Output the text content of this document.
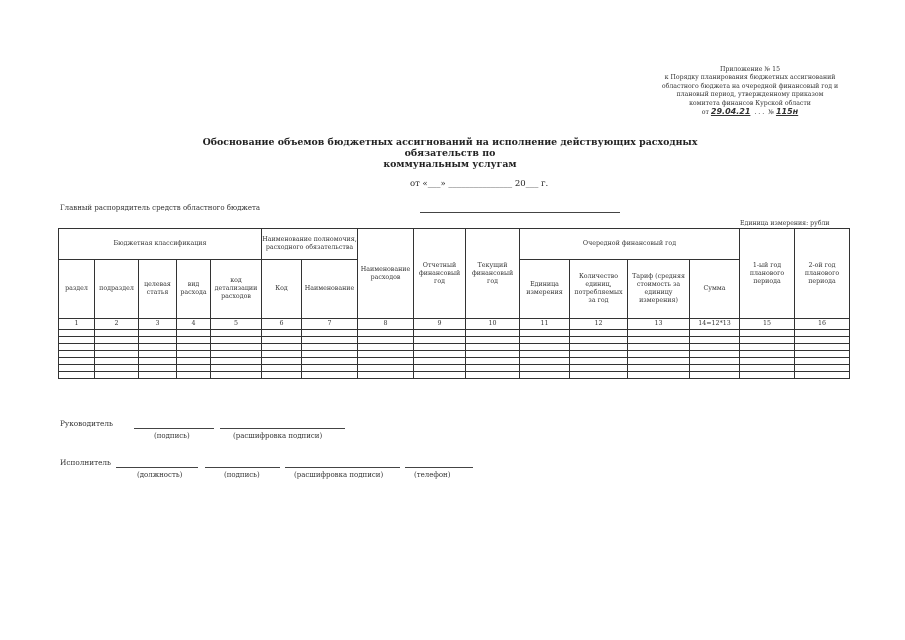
Приложение № 15
к Порядку планирования бюджетных ассигнований
областного бюджета на очередной финансовый год и
плановый период, утвержденному приказом
комитета финансов Курской области
от 29.04.21  . . .  № 115н
Обоснование объемов бюджетных ассигнований на исполнение действующих расходных обязательств по
коммунальным услугам
от «___» _______________ 20___ г.
Главный распорядитель средств областного бюджета
Единица измерения: рубли
Бюджетная классификация					Наименование полномочия, расходного обязательства		Наименование расходов	Отчетный финансовый год	Текущий финансовый год	Очередной финансовый год				1-ый год планового периода	2-ой год планового периода
раздел	подраздел	целевая статья	вид расхода	код детализации расходов	Код	Наименование				Единица измерения	Количество единиц, потребляемых за год	Тариф (средняя стоимость за единицу измерения)	Сумма		
1	2	3	4	5	6	7	8	9	10	11	12	13	14=12*13	15	16

Руководитель
(подпись)	(расшифровка подписи)
Исполнитель
(должность)	(подпись)	(расшифровка подписи)	(телефон)
